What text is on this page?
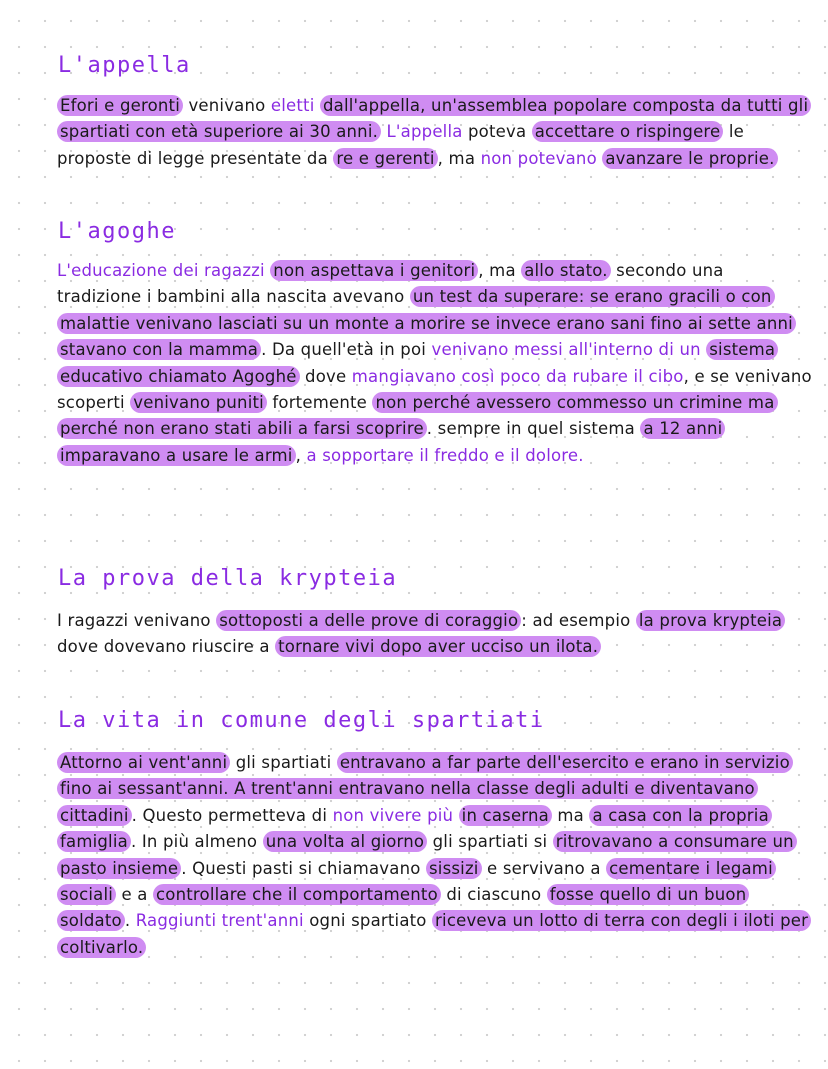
L'appella
Efori e geronti venivano eletti dall'appella, un'assemblea popolare composta da tutti gli spartiati con età superiore ai 30 anni. L'appella poteva accettare o rispingere le proposte di legge presentate da re e gerenti , ma non potevano avanzare le proprie.
L'agoghe
L'educazione dei ragazzi non aspettava i genitori , ma allo stato. secondo una tradizione i bambini alla nascita avevano un test da superare: se erano gracili o con malattie venivano lasciati su un monte a morire se invece erano sani fino ai sette anni stavano con la mamma . Da quell'età in poi venivano messi all'interno di un sistema educativo chiamato Agoghé dove mangiavano così poco da rubare il cibo, e se venivano scoperti venivano puniti fortemente non perché avessero commesso un crimine ma perché non erano stati abili a farsi scoprire . sempre in quel sistema a 12 anni imparavano a usare le armi , a sopportare il freddo e il dolore.
La prova della krypteia
I ragazzi venivano sottoposti a delle prove di coraggio : ad esempio la prova krypteia dove dovevano riuscire a tornare vivi dopo aver ucciso un ilota.
La vita in comune degli spartiati
Attorno ai vent'anni gli spartiati entravano a far parte dell'esercito e erano in servizio fino ai sessant'anni. A trent'anni entravano nella classe degli adulti e diventavano cittadini . Questo permetteva di non vivere più in caserna ma a casa con la propria famiglia . In più almeno una volta al giorno gli spartiati si ritrovavano a consumare un pasto insieme . Questi pasti si chiamavano sissizi e servivano a cementare i legami sociali e a controllare che il comportamento di ciascuno fosse quello di un buon soldato . Raggiunti trent'anni ogni spartiato riceveva un lotto di terra con degli i iloti per coltivarlo.
